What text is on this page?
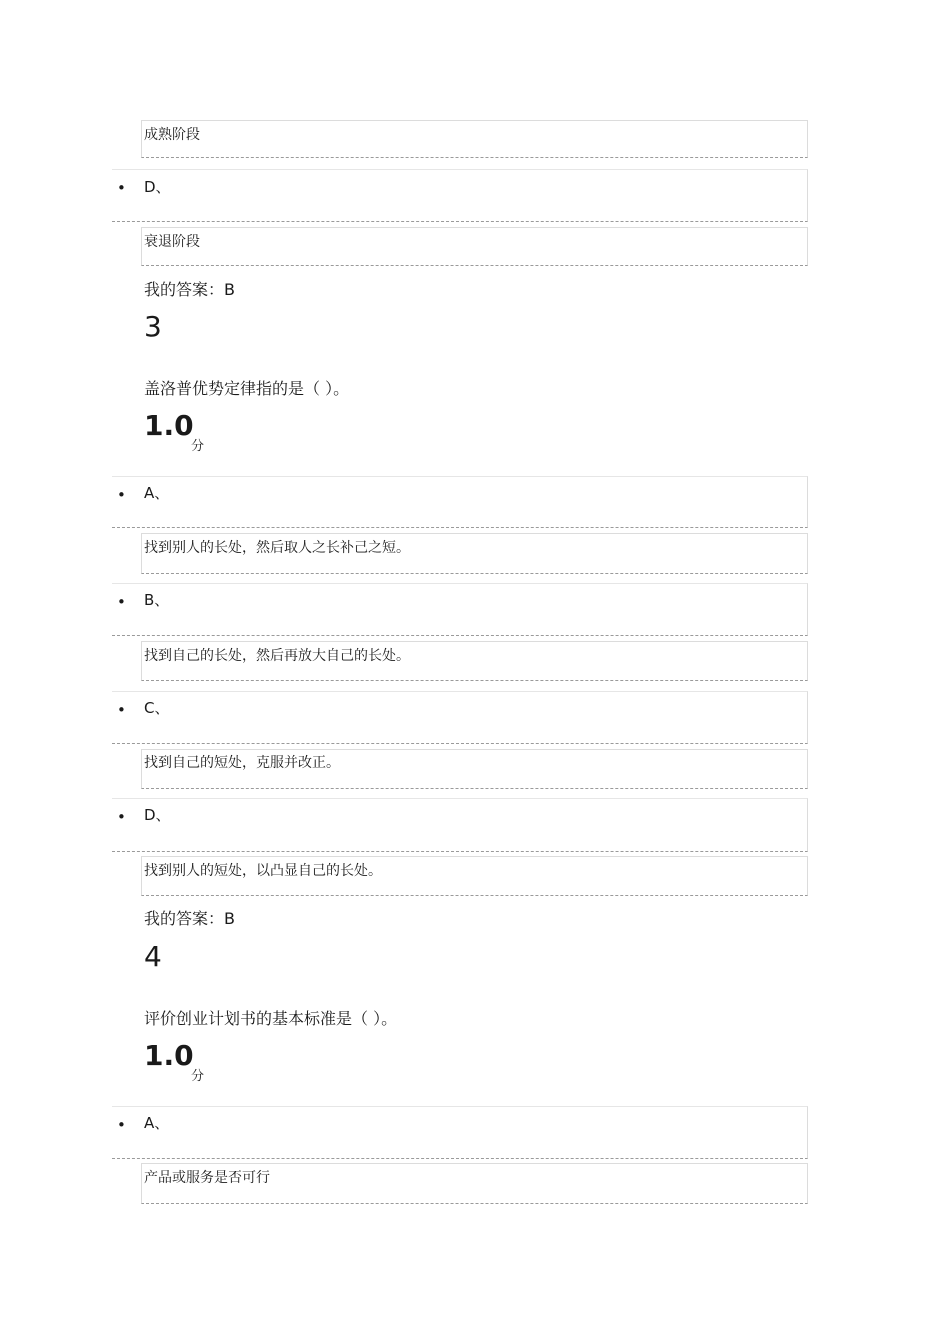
成熟阶段
• D、
衰退阶段
我的答案：B
3
盖洛普优势定律指的是（ ）。
1.0
分
• A、
找到别人的长处，然后取人之长补己之短。
• B、
找到自己的长处，然后再放大自己的长处。
• C、
找到自己的短处，克服并改正。
• D、
找到别人的短处，以凸显自己的长处。
我的答案：B
4
评价创业计划书的基本标准是（ ）。
1.0
分
• A、
产品或服务是否可行
